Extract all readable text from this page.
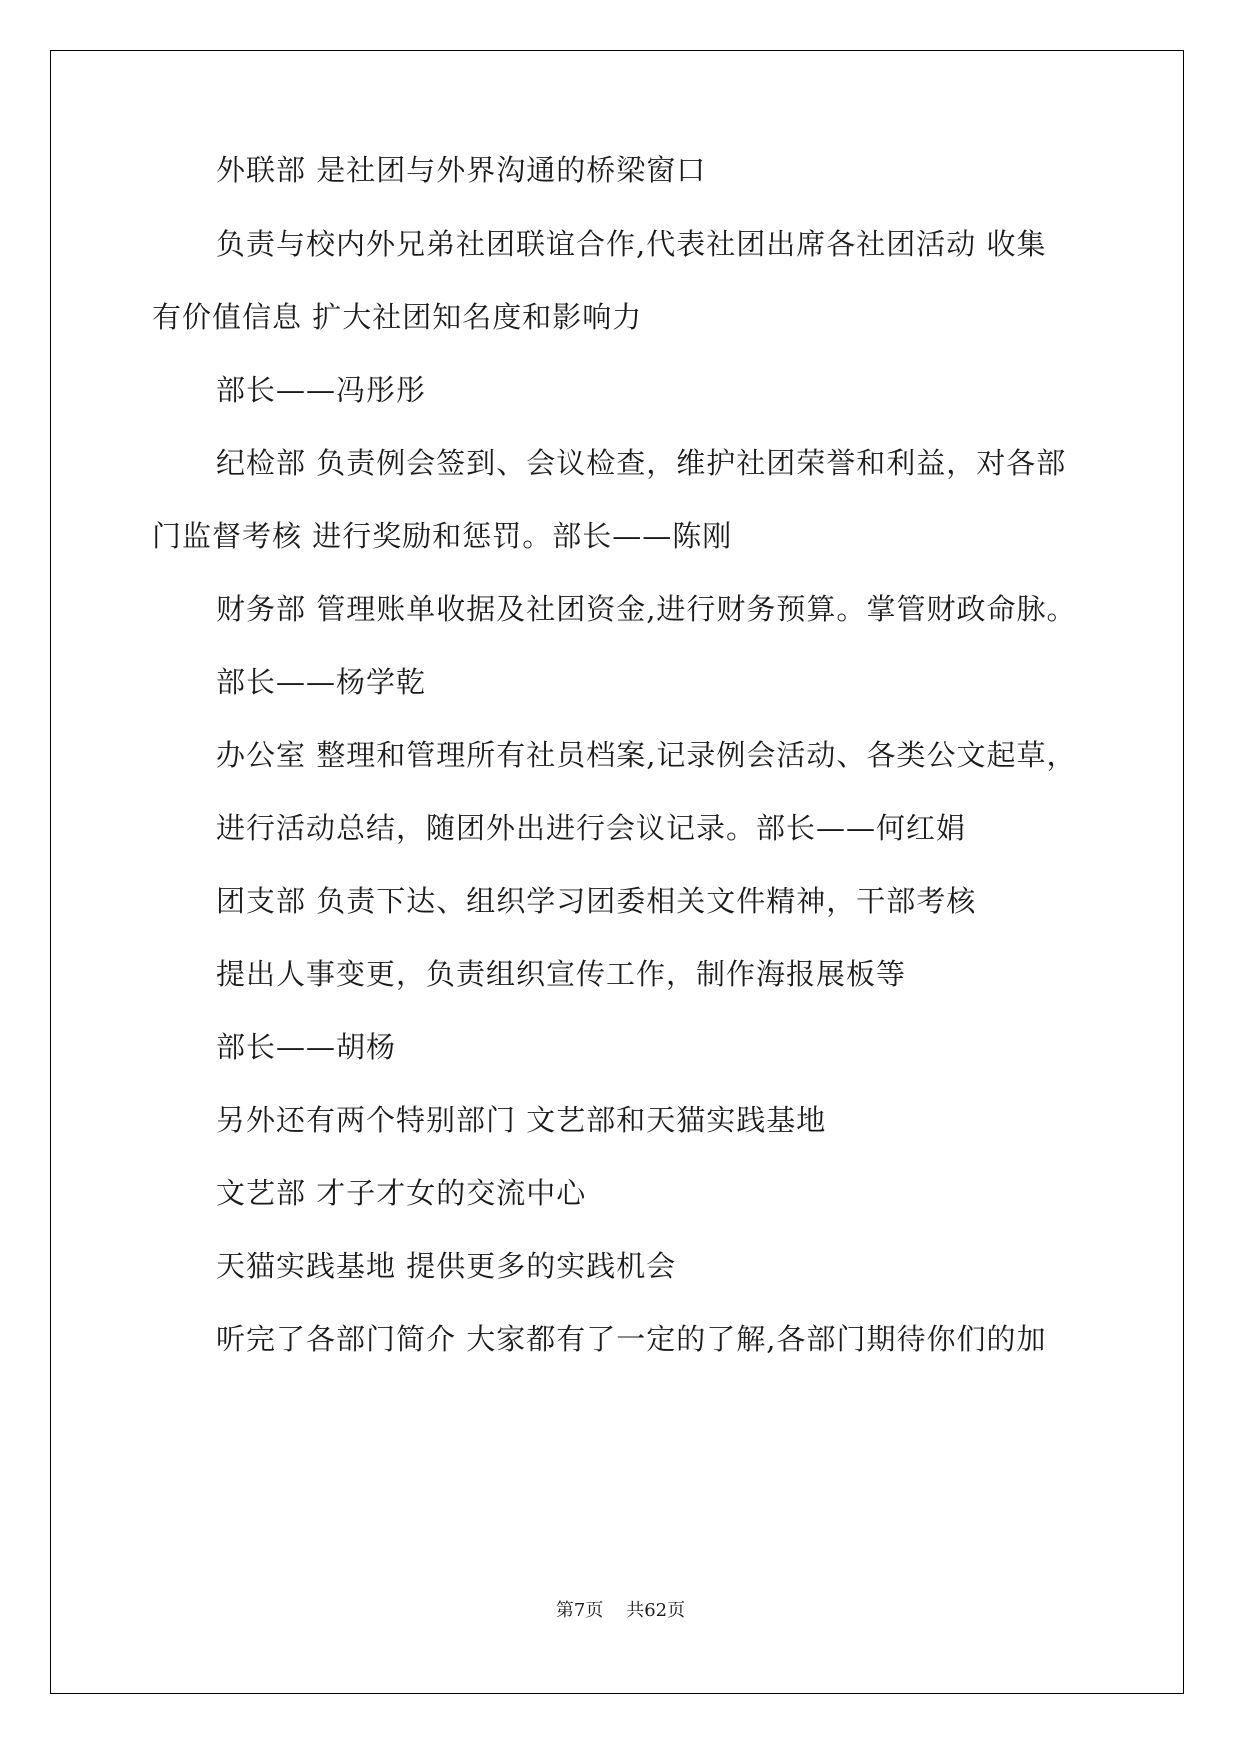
外联部 是社团与外界沟通的桥梁窗口
负责与校内外兄弟社团联谊合作,代表社团出席各社团活动 收集
有价值信息 扩大社团知名度和影响力
部长——冯彤彤
纪检部 负责例会签到、会议检查，维护社团荣誉和利益，对各部
门监督考核 进行奖励和惩罚。部长——陈刚
财务部 管理账单收据及社团资金,进行财务预算。掌管财政命脉。
部长——杨学乾
办公室 整理和管理所有社员档案,记录例会活动、各类公文起草，
进行活动总结，随团外出进行会议记录。部长——何红娟
团支部 负责下达、组织学习团委相关文件精神，干部考核
提出人事变更，负责组织宣传工作，制作海报展板等
部长——胡杨
另外还有两个特别部门 文艺部和天猫实践基地
文艺部 才子才女的交流中心
天猫实践基地 提供更多的实践机会
听完了各部门简介 大家都有了一定的了解,各部门期待你们的加
第7页 共62页
